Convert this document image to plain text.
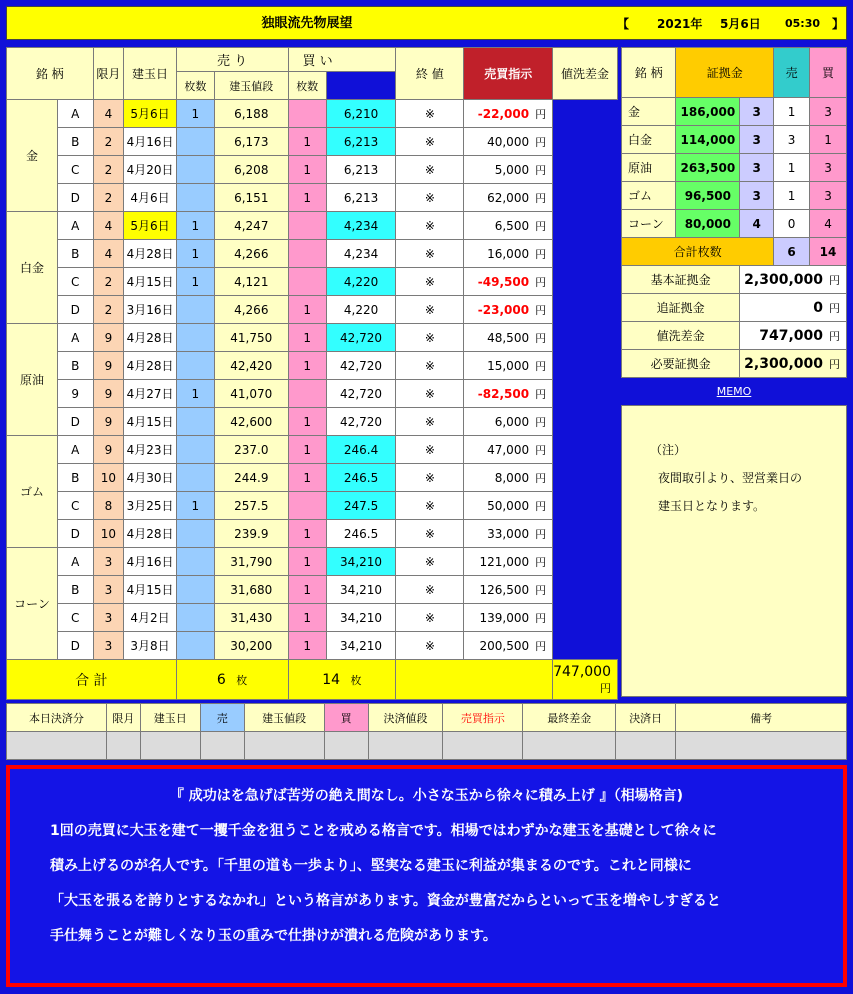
独眼流先物展望	【 2021年 5月6日 05:30 】
銘 柄		限月	建玉日	売 り		買 い		終 値	売買指示	値洗差金
				枚数	建玉値段	枚数				
金	A	4	5月6日	1	6,188		6,210	※	-22,000 円	
	B	2	4月16日		6,173	1	6,213	※	40,000 円	
	C	2	4月20日		6,208	1	6,213	※	5,000 円	
	D	2	4月6日		6,151	1	6,213	※	62,000 円	
白金	A	4	5月6日	1	4,247		4,234	※	6,500 円	
	B	4	4月28日	1	4,266		4,234	※	16,000 円	
	C	2	4月15日	1	4,121		4,220	※	-49,500 円	
	D	2	3月16日		4,266	1	4,220	※	-23,000 円	
原油	A	9	4月28日		41,750	1	42,720	※	48,500 円	
	B	9	4月28日		42,420	1	42,720	※	15,000 円	
	9	9	4月27日	1	41,070		42,720	※	-82,500 円	
	D	9	4月15日		42,600	1	42,720	※	6,000 円	
ゴム	A	9	4月23日		237.0	1	246.4	※	47,000 円	
	B	10	4月30日		244.9	1	246.5	※	8,000 円	
	C	8	3月25日	1	257.5		247.5	※	50,000 円	
	D	10	4月28日		239.9	1	246.5	※	33,000 円	
コーン	A	3	4月16日		31,790	1	34,210	※	121,000 円	
	B	3	4月15日		31,680	1	34,210	※	126,500 円	
	C	3	4月2日		31,430	1	34,210	※	139,000 円	
	D	3	3月8日		30,200	1	34,210	※	200,500 円	
合 計				6 枚		14 枚				747,000円
銘 柄	証拠金		売	買
金	186,000	3	1	3
白金	114,000	3	3	1
原油	263,500	3	1	3
ゴム	96,500	3	1	3
コーン	80,000	4	0	4
合計枚数			6	14
基本証拠金		2,300,000 円		
追証拠金		0 円		
値洗差金		747,000 円		
必要証拠金		2,300,000 円		
MEMO
（注）
夜間取引より、翌営業日の
建玉日となります。
本日決済分	限月	建玉日	売	建玉値段	買	決済値段	売買指示	最終差金	決済日	備考

『 成功はを急げば苦労の絶え間なし。小さな玉から徐々に積み上げ 』（相場格言)

1回の売買に大玉を建て一攫千金を狙うことを戒める格言です。相場ではわずかな建玉を基礎として徐々に

積み上げるのが名人です。「千里の道も一歩より」、堅実なる建玉に利益が集まるのです。これと同様に

「大玉を張るを誇りとするなかれ」という格言があります。資金が豊富だからといって玉を増やしすぎると

手仕舞うことが難しくなり玉の重みで仕掛けが潰れる危険があります。
